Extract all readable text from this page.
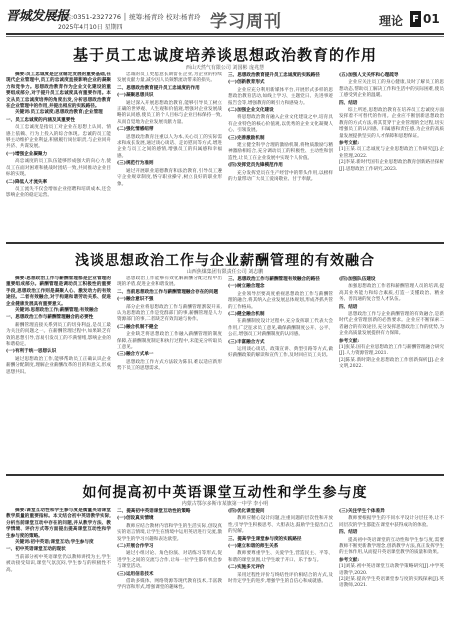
晋城发展报
电话:0351-2327276 │ 统筹:杨青玲 校对:杨青玲
2025年4月10日 星期四	学习周刊	理论 F 01
基于员工忠诚度培养谈思想政治教育的作用
西山天然气有限公司 刘国彬 庞兆慧

摘要:员工忠诚度是企业稳定发展的重要基础,在现代企业管理中,员工的忠诚度直接影响企业的凝聚力和竞争力。思想政治教育作为企业文化建设的重要组成部分,对于提升员工忠诚度具有重要作用。本文从员工忠诚度培养的角度出发,分析思想政治教育在企业管理中的作用,并提出相应的实践路径。

关键词:员工忠诚度;思想政治教育;企业管理

一、员工忠诚度的内涵及其重要性

员工忠诚度是指员工对企业在思想上认同、情感上依赖、行为上投入的综合体现。忠诚的员工能够主动维护企业利益,积极履行岗位职责,与企业同舟共济、共谋发展。

(一)增强企业凝聚力

高忠诚度的员工队伍能够形成强大的向心力,使员工在面对困难和挑战时团结一致,共同推动企业目标的实现。

(二)降低人才流失率

员工流失不仅会增加企业招聘和培训成本,还会影响企业的稳定运营。

忠诚的员工更愿意长期留在企业,为企业的持续发展贡献力量,减少因人员频繁流动带来的损失。

二、思想政治教育提升员工忠诚度的作用

(一)凝聚思想共识

通过深入开展思想政治教育,能够引导员工树立正确的世界观、人生观和价值观,增强对企业发展战略的认同感,使员工的个人目标与企业目标保持一致,从而自觉地为企业发展贡献力量。

(二)强化情感纽带

思想政治教育注重以人为本,关心员工的实际需求和成长发展,通过谈心谈话、走访慰问等方式,增进企业与员工之间的感情,增强员工的归属感和幸福感。

(三)规范行为准则

通过开展职业道德教育和法治教育,引导员工遵守企业规章制度,恪守职业操守,树立良好的职业形象。

三、思想政治教育提升员工忠诚度的实践路径

(一)创新教育形式

企业应充分利用新媒体平台,开展形式多样的思想政治教育活动,如线上学习、主题党日、先进事迹报告会等,增强教育的吸引力和感染力。

(二)加强企业文化建设

将思想政治教育融入企业文化建设之中,培育具有企业特色的核心价值观,以优秀的企业文化凝聚人心、引领发展。

(三)完善激励机制

建立健全科学合理的激励机制,将物质激励与精神激励相结合,充分调动员工的积极性、主动性和创造性,让员工在企业发展中实现个人价值。

(四)发挥党员先锋模范作用

充分发挥党员在生产经营中的带头作用,以榜样的力量带动广大员工爱岗敬业、甘于奉献。

(五)加强人文关怀和心理疏导

企业应关注员工的身心健康,及时了解员工的思想动态,帮助员工解决工作和生活中的实际困难,使员工感受到企业的温暖。

四、结语

综上所述,思想政治教育在培养员工忠诚度方面发挥着不可替代的作用。企业应不断创新思想政治教育的方式方法,将其贯穿于企业管理的全过程,切实增强员工的认同感、归属感和责任感,为企业的高质量发展提供坚实的人才保障和思想保证。

参考文献:

[1]王某.员工忠诚度与企业思想政治工作研究[J].企业管理,2022.

[2]李某.新时代国有企业思想政治教育创新路径探析[J].思想政治工作研究,2023.

浅谈思想政治工作与企业薪酬管理的有效融合
山西焦煤集团有限责任公司 刘志鹏

摘要:思想政治工作与薪酬管理都是企业管理的重要组成部分。薪酬管理是调动员工积极性的重要手段,思想政治工作则是凝聚人心、激发动力的有效途径。二者有效融合,对于构建和谐劳动关系、促进企业健康发展具有重要意义。

关键词:思想政治工作;薪酬管理;有效融合

一、思想政治工作与薪酬管理融合的必要性

薪酬管理直接关系到员工的切身利益,是员工最为关注的问题之一。在薪酬管理过程中,如果缺乏有效的思想引导,容易引发员工的不满情绪,影响企业的和谐稳定。

(一)有利于统一思想认识

通过思想政治工作,能够帮助员工正确认识企业薪酬分配制度,理解企业薪酬改革的目的和意义,形成思想共识。

思想政治工作能够有效化解薪酬分配过程中出现的矛盾,促进企业和谐发展。

二、当前思想政治工作与薪酬管理融合存在的问题

(一)融合意识不强

部分企业将思想政治工作与薪酬管理割裂开来,认为思想政治工作是党群部门的事,薪酬管理是人力资源部门的事,二者缺乏有效沟通与协作。

(二)融合机制不健全

企业缺乏将思想政治工作融入薪酬管理的制度保障,在薪酬制度制定和执行过程中,未能充分听取员工意见。

(三)融合方式单一

思想政治工作方式方法较为陈旧,难以适应新形势下员工的思想需求。

三、思想政治工作与薪酬管理有效融合的路径

(一)树立融合理念

企业领导层要高度重视思想政治工作与薪酬管理的融合,将其纳入企业发展总体规划,形成齐抓共管的工作格局。

(二)健全融合机制

在薪酬制度设计过程中,充分发挥职工代表大会作用,广泛征求员工意见,确保薪酬制度公开、公平、公正,增强员工对薪酬制度的认同感。

(三)丰富融合方式

运用谈心谈话、政策宣讲、典型引路等方式,做好薪酬政策的解读和宣传工作,及时回应员工关切。

(四)加强队伍建设

加强思想政治工作者和薪酬管理人员的培训,提高其业务能力和综合素质,打造一支懂政治、精业务、善沟通的复合型人才队伍。

四、结语

思想政治工作与企业薪酬管理的有效融合,是新时代企业管理创新的必然要求。企业应不断探索二者融合的有效途径,充分发挥思想政治工作的优势,为企业高质量发展提供有力保障。

参考文献:

[1]张某.国有企业思想政治工作与薪酬管理融合研究[J].人力资源管理,2021.

[2]陈某.新时期企业思想政治工作创新探析[J].企业文明,2022.

如何提高初中英语课堂互动性和学生参与度
内蒙古鄂尔多斯市某旗第一中学 李小明

摘要:课堂互动性和学生参与度是衡量英语课堂教学质量的重要指标。本文结合初中英语教学实际,分析当前课堂互动中存在的问题,并从教学方法、教学情境、评价方式等方面提出提高课堂互动性和学生参与度的策略。

关键词:初中英语;课堂互动;学生参与度

一、初中英语课堂互动的现状

当前部分初中英语课堂仍以教师讲授为主,学生被动接受知识,课堂气氛沉闷,学生参与的积极性不高。

二、提高初中英语课堂互动性的策略

(一)创设真实情境

教师应结合教材内容和学生的生活实际,创设真实的语言情境,让学生在情境中运用英语进行交流,激发学生的学习兴趣和表达欲望。

(二)开展合作学习

通过小组讨论、角色扮演、对话练习等形式,促进学生之间的交流与合作,让每一位学生都有机会参与课堂活动。

(三)运用信息技术

借助多媒体、网络资源等现代教育技术,丰富教学内容和形式,增强课堂的趣味性。

(四)优化课堂提问

教师应精心设计问题,注重问题的层次性和开放性,引导学生积极思考、大胆表达,鼓励学生提出自己的见解。

三、提高学生课堂参与度的实践路径

(一)建立和谐的师生关系

教师要尊重学生、关爱学生,营造民主、平等、和谐的课堂氛围,让学生敢于开口、乐于参与。

(二)实施多元评价

采用过程性评价与终结性评价相结合的方式,及时肯定学生的进步,增强学生的自信心和成就感。

(三)关注学生个体差异

教师要根据学生的不同水平设计分层任务,让不同层次的学生都能在课堂中获得成功的体验。

四、结语

提高初中英语课堂的互动性和学生参与度,需要教师不断更新教学理念,创新教学方法,真正发挥学生的主体作用,从而提升英语课堂教学的质量和效果。

参考文献:

[1]刘某.初中英语课堂互动教学策略研究[J].中学英语教学,2020.

[2]赵某.提高学生英语课堂参与度的实践探索[J].英语教师,2021.
